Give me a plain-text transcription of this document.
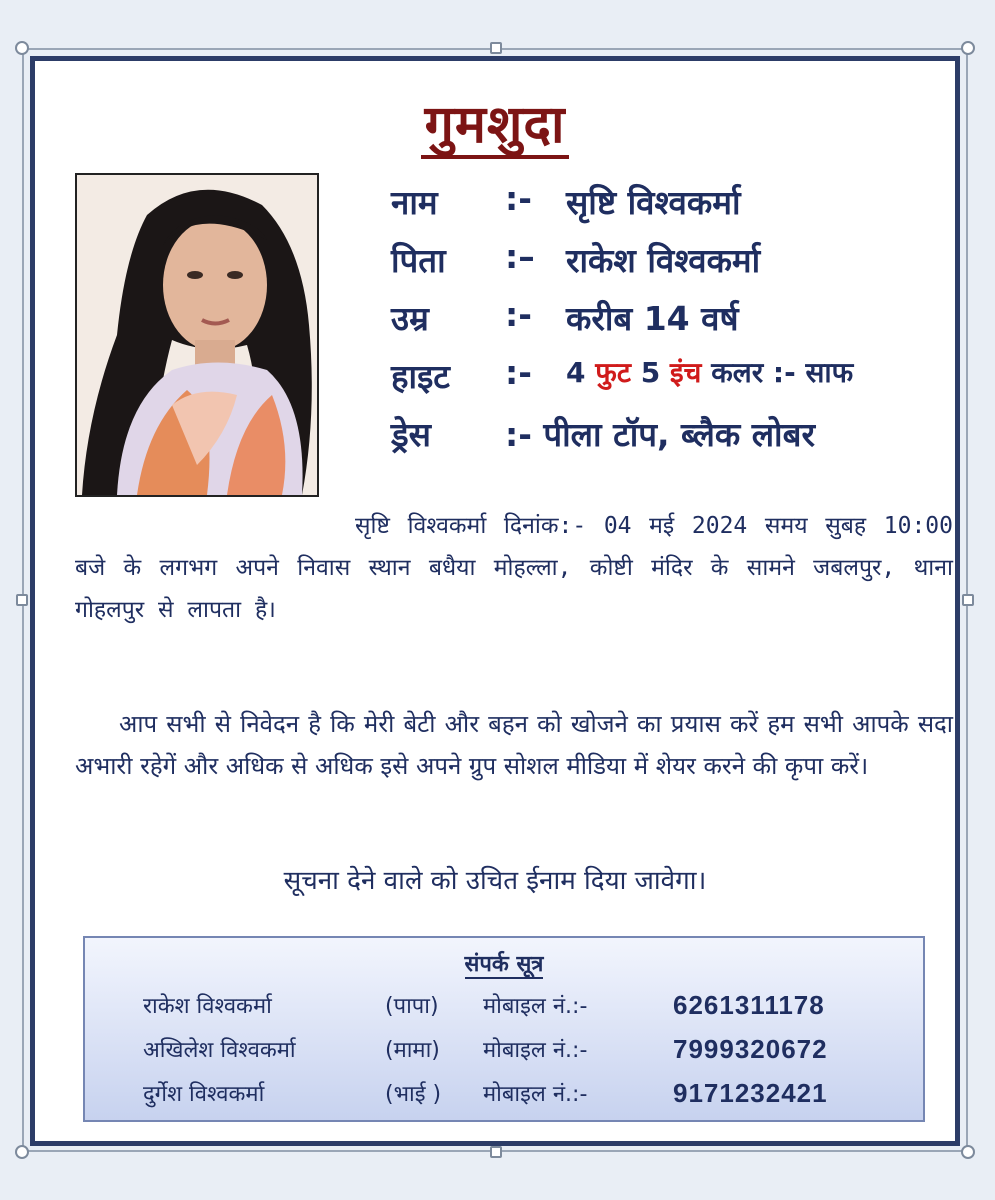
गुमशुदा
नाम :- सृष्टि विश्वकर्मा
पिता :– राकेश विश्वकर्मा
उम्र :- करीब 14 वर्ष
हाइट :- 4 फुट 5 इंच कलर :- साफ
ड्रेस :- पीला टॉप, ब्लैक लोबर
सृष्टि विश्वकर्मा दिनांक:- 04 मई 2024 समय सुबह 10:00 बजे के लगभग अपने निवास स्थान बधैया मोहल्ला, कोष्टी मंदिर के सामने जबलपुर, थाना गोहलपुर से लापता है।
आप सभी से निवेदन है कि मेरी बेटी और बहन को खोजने का प्रयास करें हम सभी आपके सदा अभारी रहेगें और अधिक से अधिक इसे अपने ग्रुप सोशल मीडिया में शेयर करने की कृपा करें।
सूचना देने वाले को उचित ईनाम दिया जावेगा।
संपर्क सूत्र
राकेश विश्वकर्मा	(पापा) मोबाइल नं.:-	6261311178
अखिलेश विश्वकर्मा	(मामा) मोबाइल नं.:-	7999320672
दुर्गेश विश्वकर्मा	(भाई ) मोबाइल नं.:-	9171232421
